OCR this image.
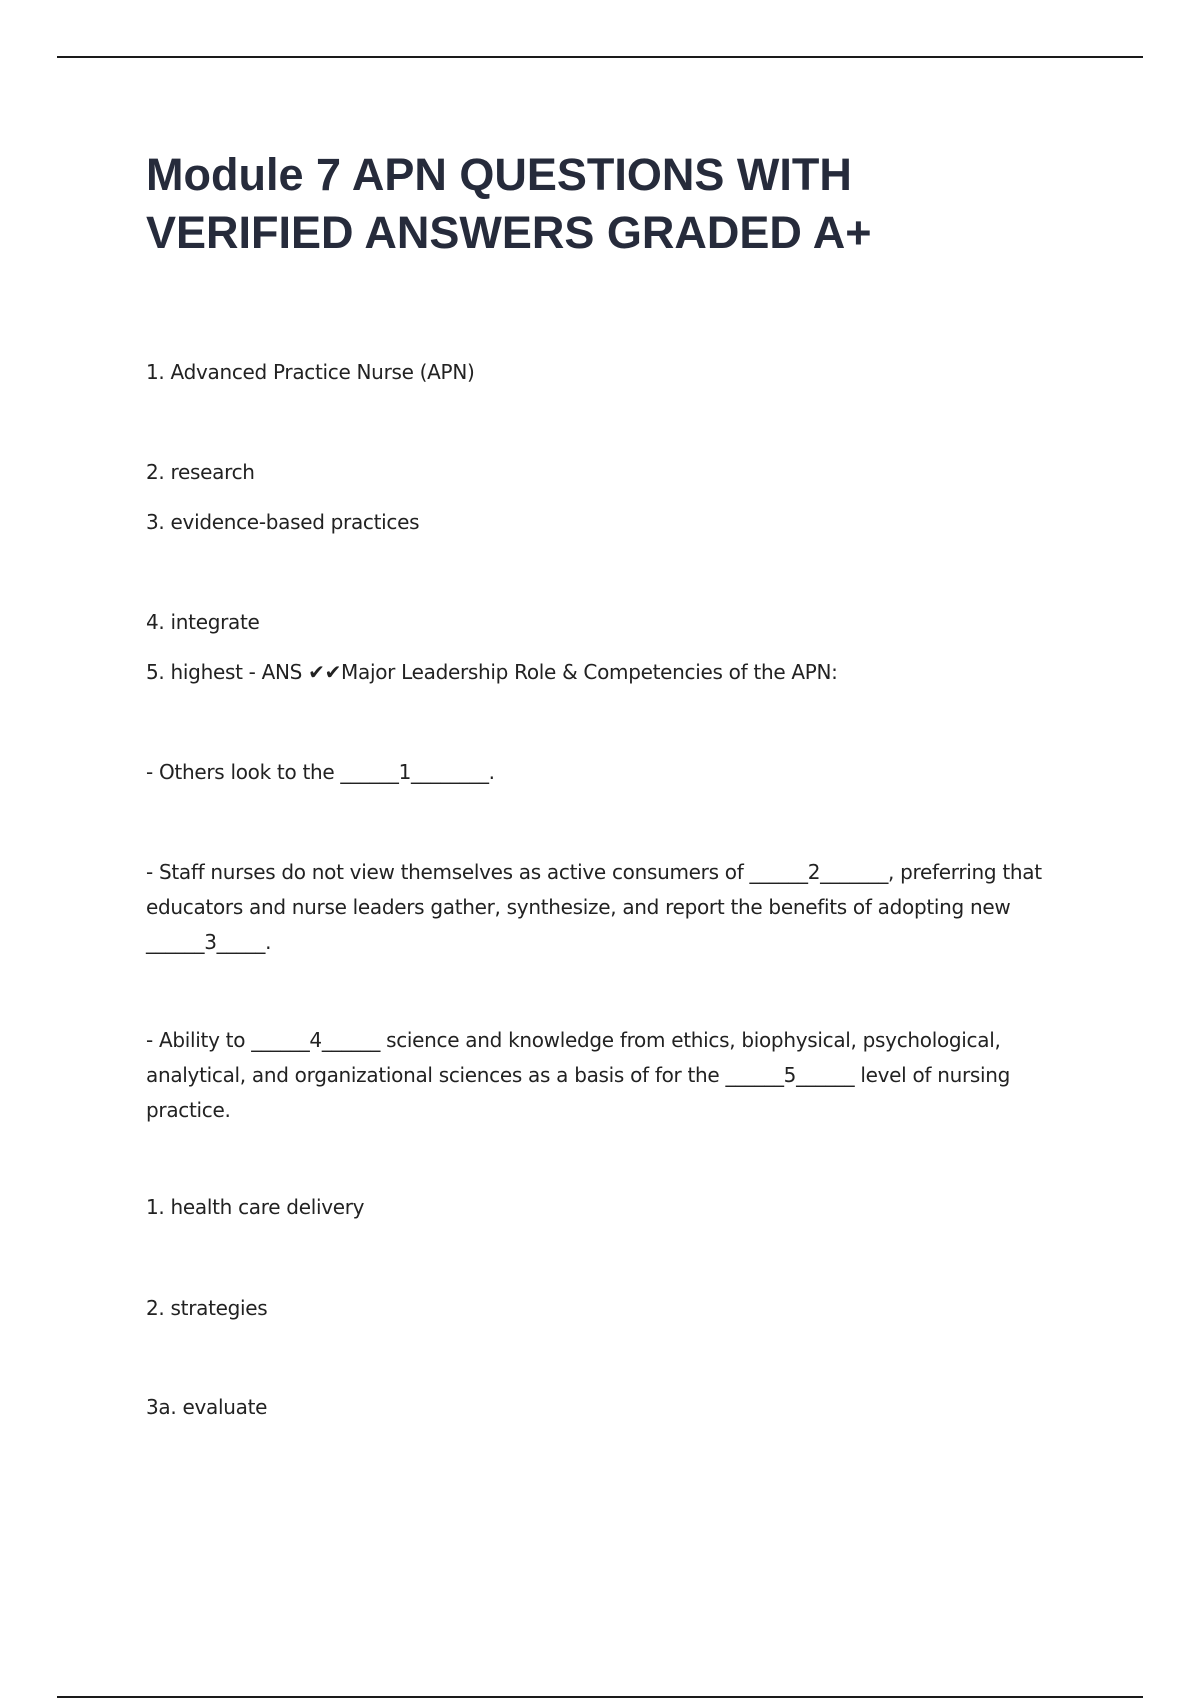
Module 7 APN QUESTIONS WITH
VERIFIED ANSWERS GRADED A+

1. Advanced Practice Nurse (APN)

2. research

3. evidence-based practices

4. integrate

5. highest - ANS ✔✔Major Leadership Role & Competencies of the APN:

- Others look to the ______1________.

- Staff nurses do not view themselves as active consumers of ______2_______, preferring that educators and nurse leaders gather, synthesize, and report the benefits of adopting new ______3_____.

- Ability to ______4______ science and knowledge from ethics, biophysical, psychological, analytical, and organizational sciences as a basis of for the ______5______ level of nursing practice.

1. health care delivery

2. strategies

3a. evaluate
